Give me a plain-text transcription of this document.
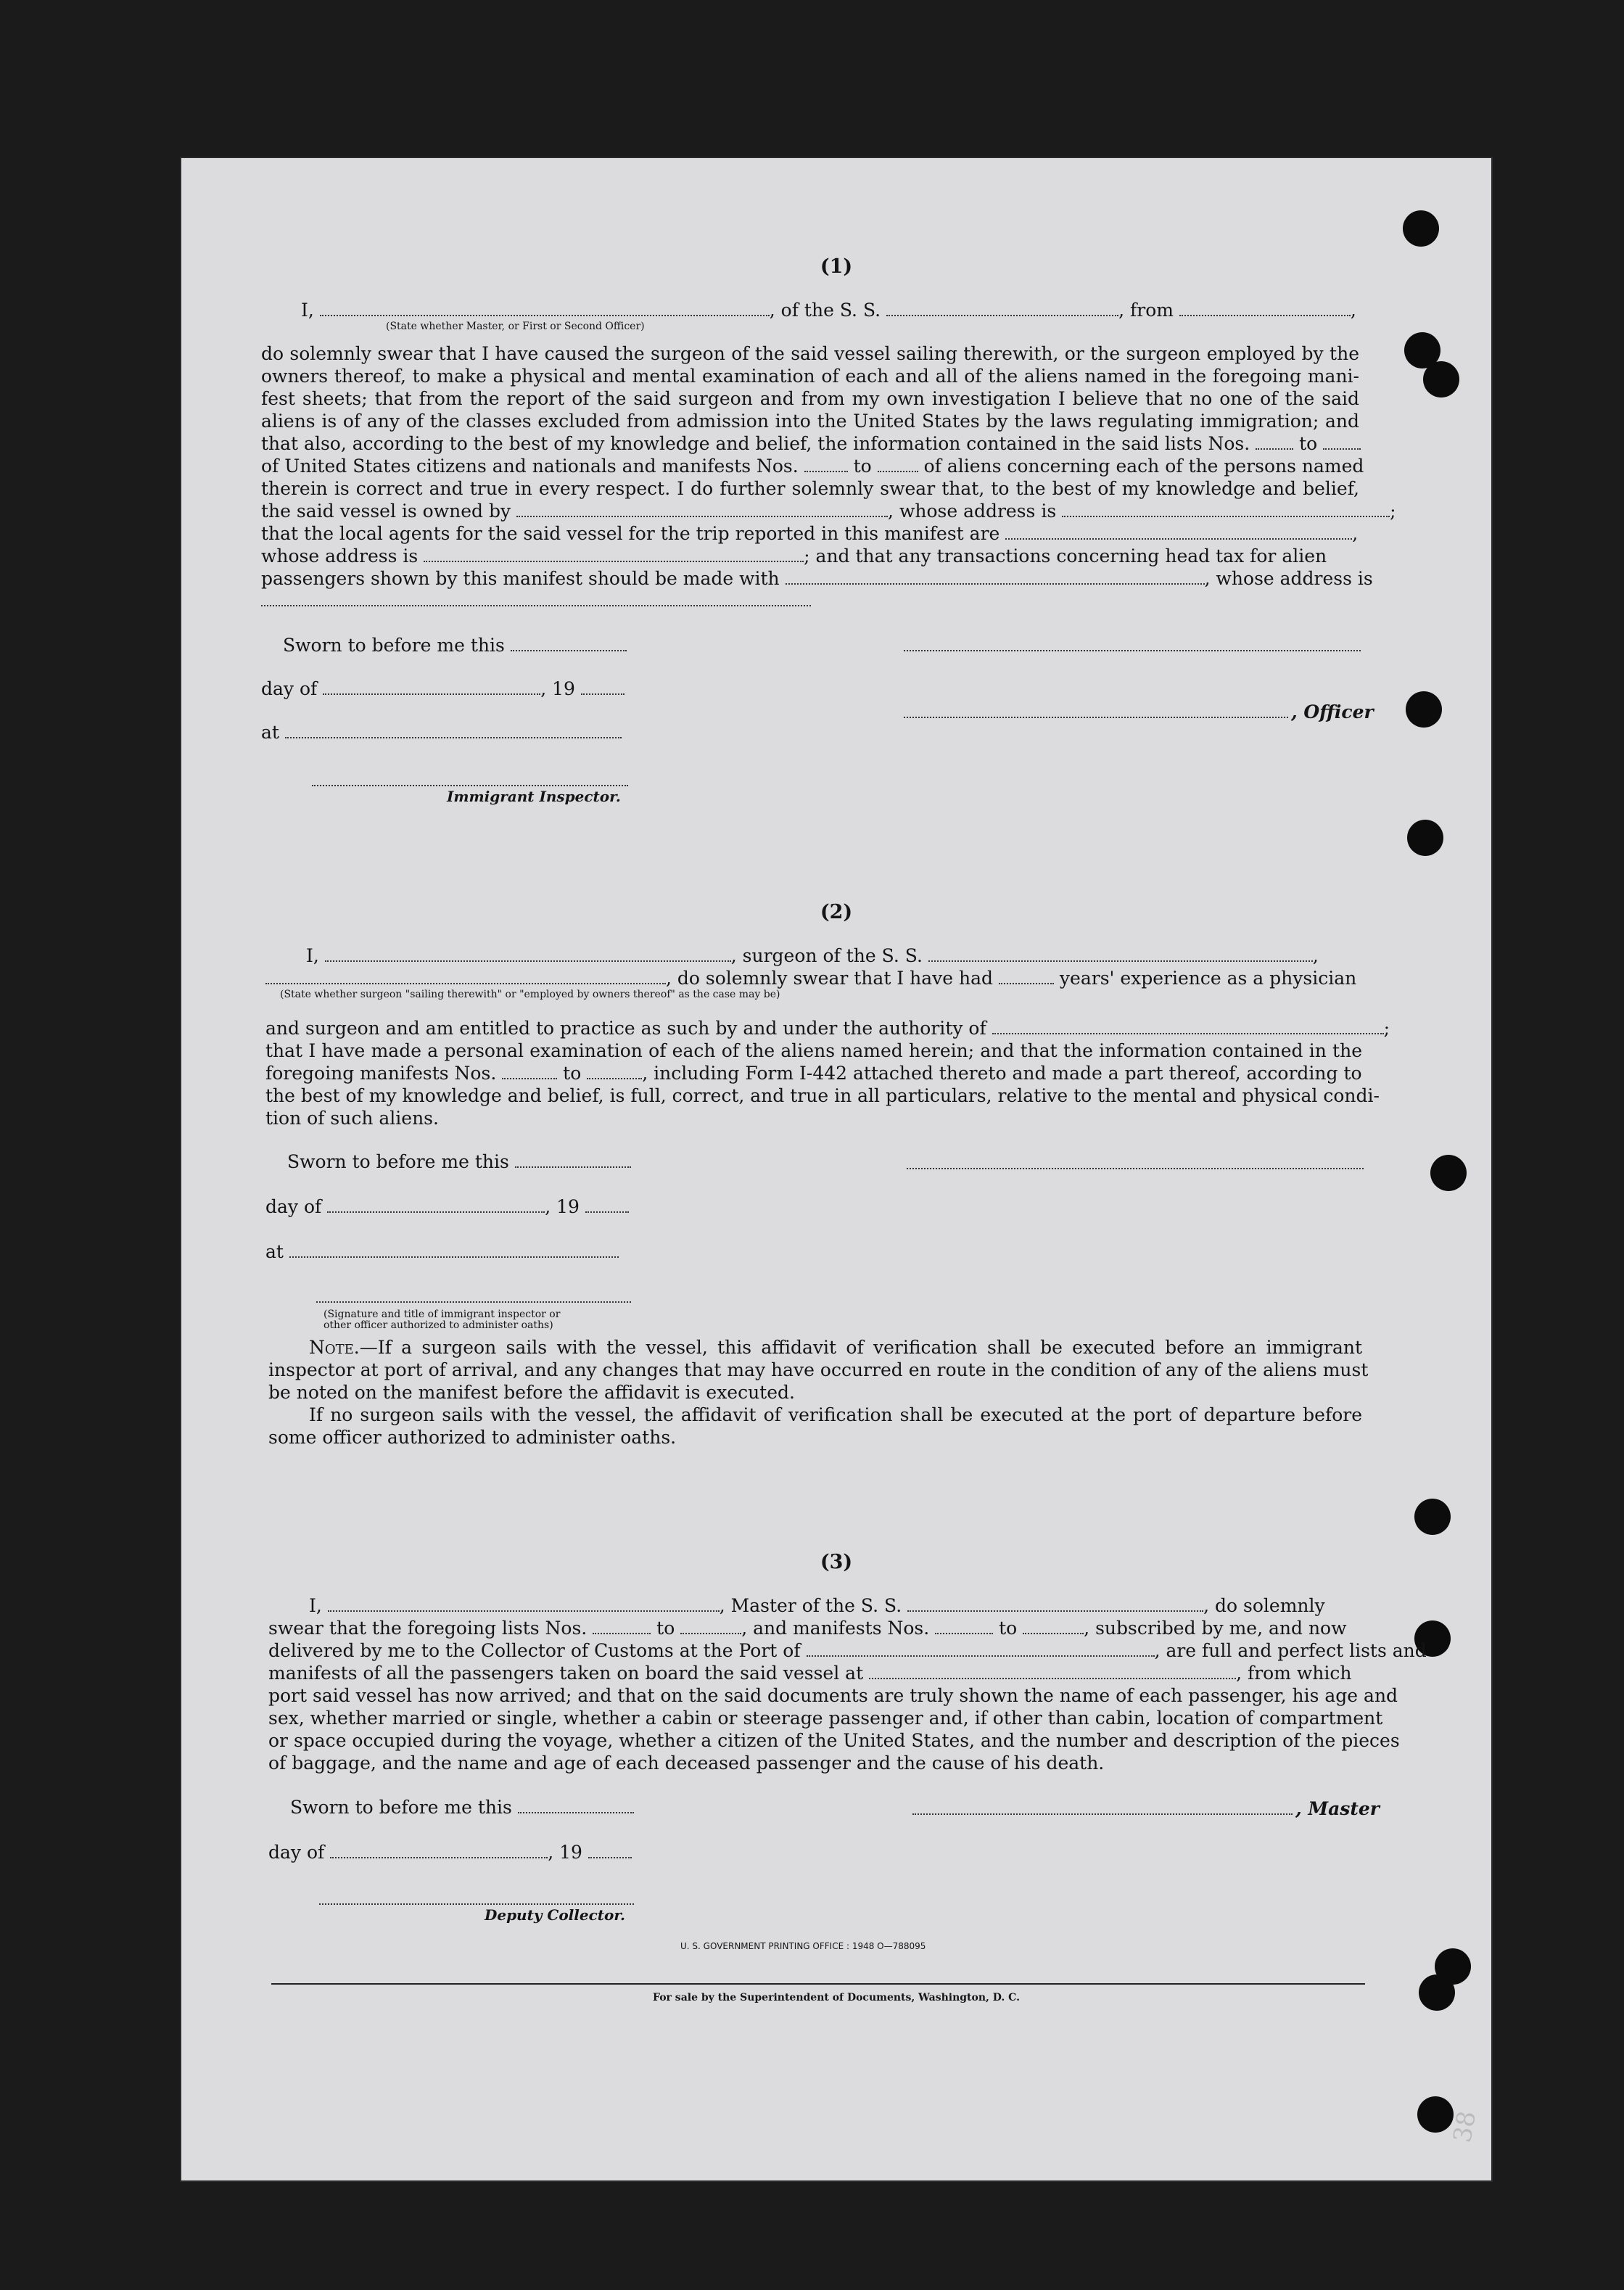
(1)
I,	, of the S. S.	, from	,
(State whether Master, or First or Second Officer)
do solemnly swear that I have caused the surgeon of the said vessel sailing therewith, or the surgeon employed by the
owners thereof, to make a physical and mental examination of each and all of the aliens named in the foregoing mani-
fest sheets; that from the report of the said surgeon and from my own investigation I believe that no one of the said
aliens is of any of the classes excluded from admission into the United States by the laws regulating immigration; and
that also, according to the best of my knowledge and belief, the information contained in the said lists Nos.	to
of United States citizens and nationals and manifests Nos.	to	of aliens concerning each of the persons named
therein is correct and true in every respect. I do further solemnly swear that, to the best of my knowledge and belief,
the said vessel is owned by	, whose address is	;
that the local agents for the said vessel for the trip reported in this manifest are	,
whose address is	; and that any transactions concerning head tax for alien
passengers shown by this manifest should be made with	, whose address is
Sworn to before me this
day of	, 19
, Officer
at
Immigrant Inspector.
(2)
I,	, surgeon of the S. S.	,
, do solemnly swear that I have had	years' experience as a physician
(State whether surgeon "sailing therewith" or "employed by owners thereof" as the case may be)
and surgeon and am entitled to practice as such by and under the authority of	;
that I have made a personal examination of each of the aliens named herein; and that the information contained in the
foregoing manifests Nos.	to	, including Form I-442 attached thereto and made a part thereof, according to
the best of my knowledge and belief, is full, correct, and true in all particulars, relative to the mental and physical condi-
tion of such aliens.
Sworn to before me this
day of	, 19
at
(Signature and title of immigrant inspector or
other officer authorized to administer oaths)
Note.—If a surgeon sails with the vessel, this affidavit of verification shall be executed before an immigrant
inspector at port of arrival, and any changes that may have occurred en route in the condition of any of the aliens must
be noted on the manifest before the affidavit is executed.
If no surgeon sails with the vessel, the affidavit of verification shall be executed at the port of departure before
some officer authorized to administer oaths.
(3)
I,	, Master of the S. S.	, do solemnly
swear that the foregoing lists Nos.	to	, and manifests Nos.	to	, subscribed by me, and now
delivered by me to the Collector of Customs at the Port of	, are full and perfect lists and
manifests of all the passengers taken on board the said vessel at	, from which
port said vessel has now arrived; and that on the said documents are truly shown the name of each passenger, his age and
sex, whether married or single, whether a cabin or steerage passenger and, if other than cabin, location of compartment
or space occupied during the voyage, whether a citizen of the United States, and the number and description of the pieces
of baggage, and the name and age of each deceased passenger and the cause of his death.
Sworn to before me this	, Master
day of	, 19
Deputy Collector.
U. S. GOVERNMENT PRINTING OFFICE : 1948 O—788095
For sale by the Superintendent of Documents, Washington, D. C.
38
